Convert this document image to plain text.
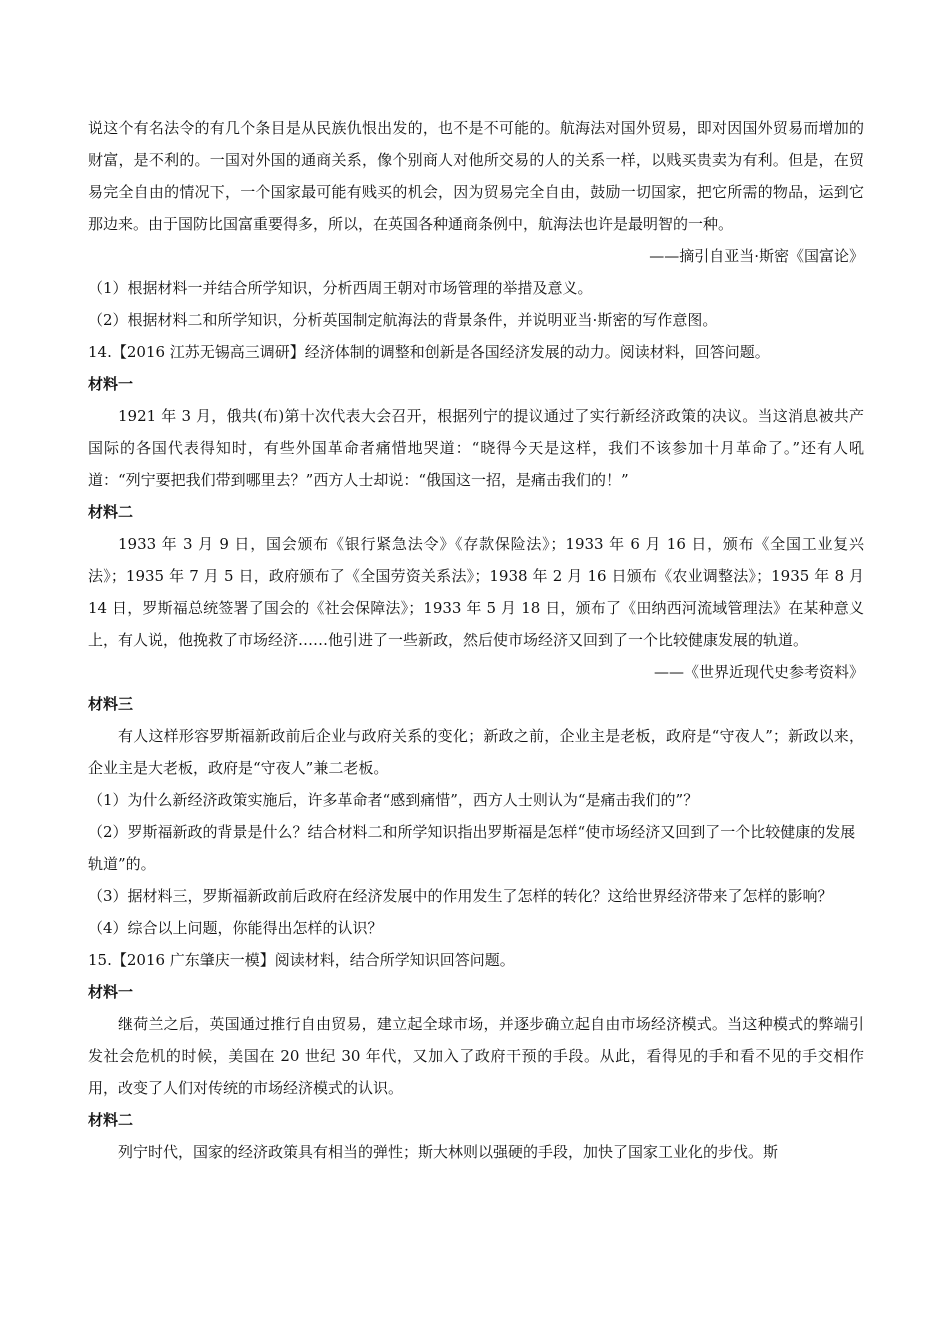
说这个有名法令的有几个条目是从民族仇恨出发的，也不是不可能的。航海法对国外贸易，即对因国外贸易而增加的财富，是不利的。一国对外国的通商关系，像个别商人对他所交易的人的关系一样，以贱买贵卖为有利。但是，在贸易完全自由的情况下，一个国家最可能有贱买的机会，因为贸易完全自由，鼓励一切国家，把它所需的物品，运到它那边来。由于国防比国富重要得多，所以，在英国各种通商条例中，航海法也许是最明智的一种。

——摘引自亚当·斯密《国富论》

（1）根据材料一并结合所学知识，分析西周王朝对市场管理的举措及意义。

（2）根据材料二和所学知识，分析英国制定航海法的背景条件，并说明亚当·斯密的写作意图。

14.【2016 江苏无锡高三调研】经济体制的调整和创新是各国经济发展的动力。阅读材料，回答问题。

材料一

1921 年 3 月，俄共(布)第十次代表大会召开，根据列宁的提议通过了实行新经济政策的决议。当这消息被共产国际的各国代表得知时，有些外国革命者痛惜地哭道：“晓得今天是这样，我们不该参加十月革命了。”还有人吼道：“列宁要把我们带到哪里去？”西方人士却说：“俄国这一招，是痛击我们的！”

材料二

1933 年 3 月 9 日，国会颁布《银行紧急法令》《存款保险法》；1933 年 6 月 16 日，颁布《全国工业复兴法》；1935 年 7 月 5 日，政府颁布了《全国劳资关系法》；1938 年 2 月 16 日颁布《农业调整法》；1935 年 8 月 14 日，罗斯福总统签署了国会的《社会保障法》；1933 年 5 月 18 日，颁布了《田纳西河流域管理法》在某种意义上，有人说，他挽救了市场经济……他引进了一些新政，然后使市场经济又回到了一个比较健康发展的轨道。

——《世界近现代史参考资料》

材料三

有人这样形容罗斯福新政前后企业与政府关系的变化；新政之前，企业主是老板，政府是“守夜人”；新政以来，企业主是大老板，政府是“守夜人”兼二老板。

（1）为什么新经济政策实施后，许多革命者“感到痛惜”，西方人士则认为“是痛击我们的”？

（2）罗斯福新政的背景是什么？结合材料二和所学知识指出罗斯福是怎样“使市场经济又回到了一个比较健康的发展轨道”的。

（3）据材料三，罗斯福新政前后政府在经济发展中的作用发生了怎样的转化？这给世界经济带来了怎样的影响？

（4）综合以上问题，你能得出怎样的认识？

15.【2016 广东肇庆一模】阅读材料，结合所学知识回答问题。

材料一

继荷兰之后，英国通过推行自由贸易，建立起全球市场，并逐步确立起自由市场经济模式。当这种模式的弊端引发社会危机的时候，美国在 20 世纪 30 年代，又加入了政府干预的手段。从此，看得见的手和看不见的手交相作用，改变了人们对传统的市场经济模式的认识。

材料二

列宁时代，国家的经济政策具有相当的弹性；斯大林则以强硬的手段，加快了国家工业化的步伐。斯
